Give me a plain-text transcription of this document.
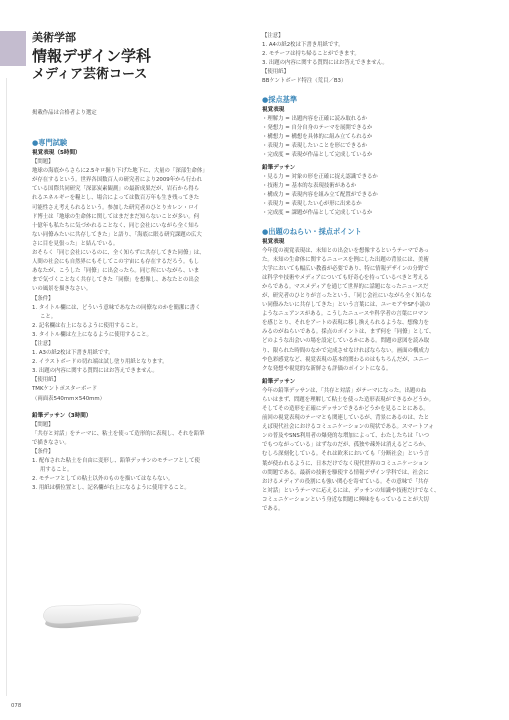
美術学部
情報デザイン学科
メディア芸術コース

掲載作品は合格者より選定

●専門試験

視覚表現（5時間）

【問題】

地球の海底からさらに2.5キロ掘り下げた地下に、大量の「深部生命体」

が存在するという。世界各国数百人の研究者により2009年から行われ

ている国際共同研究「深部炭素観測」の最新成果だが、岩石から得ら

れるエネルギーを糧とし、場合によっては数百万年も生き残ってきた

可能性さえ考えられるという。参加した研究者のひとりカレン・ロイ

ド博士は「地球の生命体に関してはまだまだ知らないことが多い。何

十億年も私たちに気づかれることなく、同じ会社にいながら全く知ら

ない同僚みたいに共存してきた」と語り、「海底に眠る研究課題の広大

さに目を見張った」と結んでいる。

おそらく「同じ会社にいるのに、全く知らずに共存してきた同僚」は、

人間の社会にも自然界にもそしてこの宇宙にも存在するだろう。もし

あなたが、こうした「同僚」に出会ったら。同じ所にいながら、いま

まで気づくことなく共存してきた「同僚」を想像し、あなたとの出会

いの風景を描きなさい。

【条件】

1. タイトル欄には、どういう意味であなたの同僚なのかを簡潔に書く

こと。

2. 記名欄は右上になるように使用すること。

3. タイトル欄は左上になるように使用すること。

【注意】

1. A3の紙2枚は下書き用紙です。

2. イラストボードの切れ端は試し塗り用紙となります。

3. 出題の内容に関する質問にはお答えできません。

【使用紙】

TMKケントポスターボード

（両面表540mm×540mm）

鉛筆デッサン（3時間）

【問題】

「共存と対話」をテーマに、粘土を使って造形的に表現し、それを鉛筆

で描きなさい。

【条件】

1. 配布された粘土を自由に変形し、鉛筆デッサンのモチーフとして使

用すること。

2. モチーフとしての粘土以外のものを描いてはならない。

3. 用紙は横位置とし、記名欄が右上になるように使用すること。

【注意】

1. A4の紙2枚は下書き用紙です。

2. モチーフは持ち帰ることができます。

3. 出題の内容に関する質問にはお答えできません。

【使用紙】

BBケントボード特注（荒目／B3）

●採点基準

視覚表現

・理解力 = 出題内容を正確に読み取れるか

・発想力 = 自分自身のテーマを展開できるか

・構想力 = 構想を具体的に組み立てられるか

・表現力 = 表現したいことを形にできるか

・完成度 = 表現が作品として完成しているか

鉛筆デッサン

・見る力 = 対象の形を正確に捉え認識できるか

・技術力 = 基本的な表現技術があるか

・構成力 = 表現内容を組み立て配置ができるか

・表現力 = 表現したい心が形に出来るか

・完成度 = 課題が作品として完成しているか

●出題のねらい・採点ポイント

視覚表現

今年度の視覚表現は、未知との出会いを想像するというテーマであっ

た。未知の生命体に関するニュースを例にした出題の背景には、美術

大学においても幅広い教養が必要であり、特に情報デザインの分野で

は科学や技術やメディアについても好奇心を持っているべきと考える

からである。マスメディアを通じて世界的に話題になったニュースだ

が、研究者のひとりが言ったという、「同じ会社にいながら全く知らな

い同僚みたいに共存してきた」という言葉には、ユーモアやSF小説の

ようなニュアンスがある。こうしたニュースや科学者の言葉にロマン

を感じとり、それをアートの表現に移し換えられるような、想像力を

みるのがねらいである。採点のポイントは、まず何を「同僚」として、

どのような出会いの場を設定しているかにある。問題の意図を読み取

り、限られた時間のなかで完成させなければならない。画面の構成力

や色彩感覚など、視覚表現の基本的関わるのはもちろんだが、ユニー

クな発想や視覚的な新鮮さも評価のポイントになる。

鉛筆デッサン

今年の鉛筆デッサンは、「共存と対話」がテーマになった。出題のね

らいはまず、問題を理解して粘土を使った造形表現ができるかどうか。

そしてその造形を正確にデッサンできるかどうかを見ることにある。

前回の視覚表現のテーマとも関連しているが、背景にあるのは、たと

えば現代社会におけるコミュニケーションの現状である。スマートフォ

ンの普及やSNS利用者の爆発的な増加によって、わたしたちは「いつ

でもつながっている」はずなのだが、孤独や疎外は消えるどころか、

むしろ深刻化している。それは欧米においても「分断社会」という言

葉が使われるように、日本だけでなく現代世界のコミュニケーション

の問題である。最新の技術を駆使する情報デザイン学科では、社会に

おけるメディアの役割にも強い関心を寄せている。その意味で「共存

と対話」というテーマに応えるには、デッサンの知識や技術だけでなく、

コミュニケーションという身近な問題に興味をもっていることが大切

である。

078
